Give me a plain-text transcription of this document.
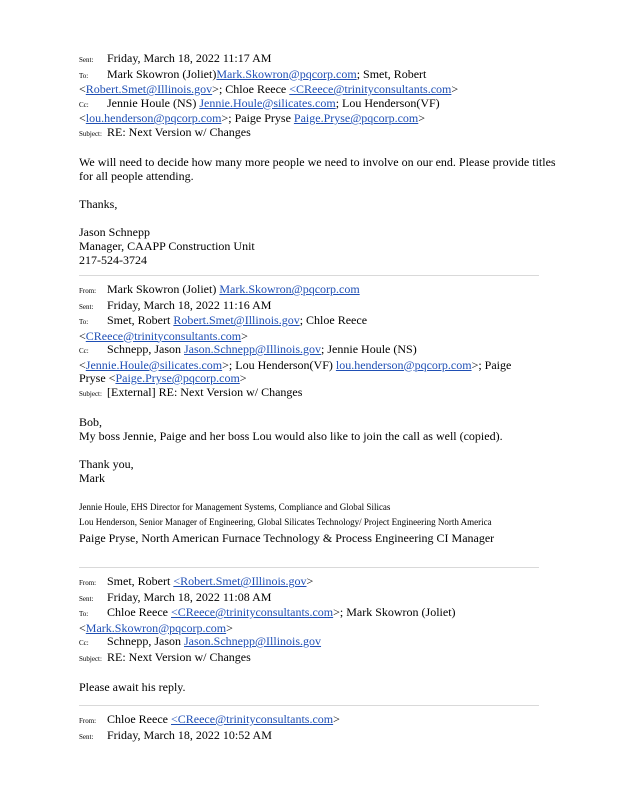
Sent: Friday, March 18, 2022 11:17 AM
To: Mark Skowron (Joliet)Mark.Skowron@pqcorp.com; Smet, Robert
<Robert.Smet@Illinois.gov>; Chloe Reece <CReece@trinityconsultants.com>
Cc: Jennie Houle (NS) Jennie.Houle@silicates.com; Lou Henderson(VF)
<lou.henderson@pqcorp.com>; Paige Pryse Paige.Pryse@pqcorp.com>
Subject: RE: Next Version w/ Changes
We will need to decide how many more people we need to involve on our end. Please provide titles for all people attending.
Thanks,
Jason Schnepp
Manager, CAAPP Construction Unit
217-524-3724
From: Mark Skowron (Joliet) Mark.Skowron@pqcorp.com
Sent: Friday, March 18, 2022 11:16 AM
To: Smet, Robert Robert.Smet@Illinois.gov; Chloe Reece
<CReece@trinityconsultants.com>
Cc: Schnepp, Jason Jason.Schnepp@Illinois.gov; Jennie Houle (NS)
<Jennie.Houle@silicates.com>; Lou Henderson(VF) lou.henderson@pqcorp.com>; Paige
Pryse <Paige.Pryse@pqcorp.com>
Subject: [External] RE: Next Version w/ Changes
Bob,
My boss Jennie, Paige and her boss Lou would also like to join the call as well (copied).
Thank you,
Mark
Jennie Houle, EHS Director for Management Systems, Compliance and Global Silicas
Lou Henderson, Senior Manager of Engineering, Global Silicates Technology/ Project Engineering North America
Paige Pryse, North American Furnace Technology & Process Engineering CI Manager
From: Smet, Robert <Robert.Smet@Illinois.gov>
Sent: Friday, March 18, 2022 11:08 AM
To: Chloe Reece <CReece@trinityconsultants.com>; Mark Skowron (Joliet)
<Mark.Skowron@pqcorp.com>
Cc: Schnepp, Jason Jason.Schnepp@Illinois.gov
Subject: RE: Next Version w/ Changes
Please await his reply.
From: Chloe Reece <CReece@trinityconsultants.com>
Sent: Friday, March 18, 2022 10:52 AM
